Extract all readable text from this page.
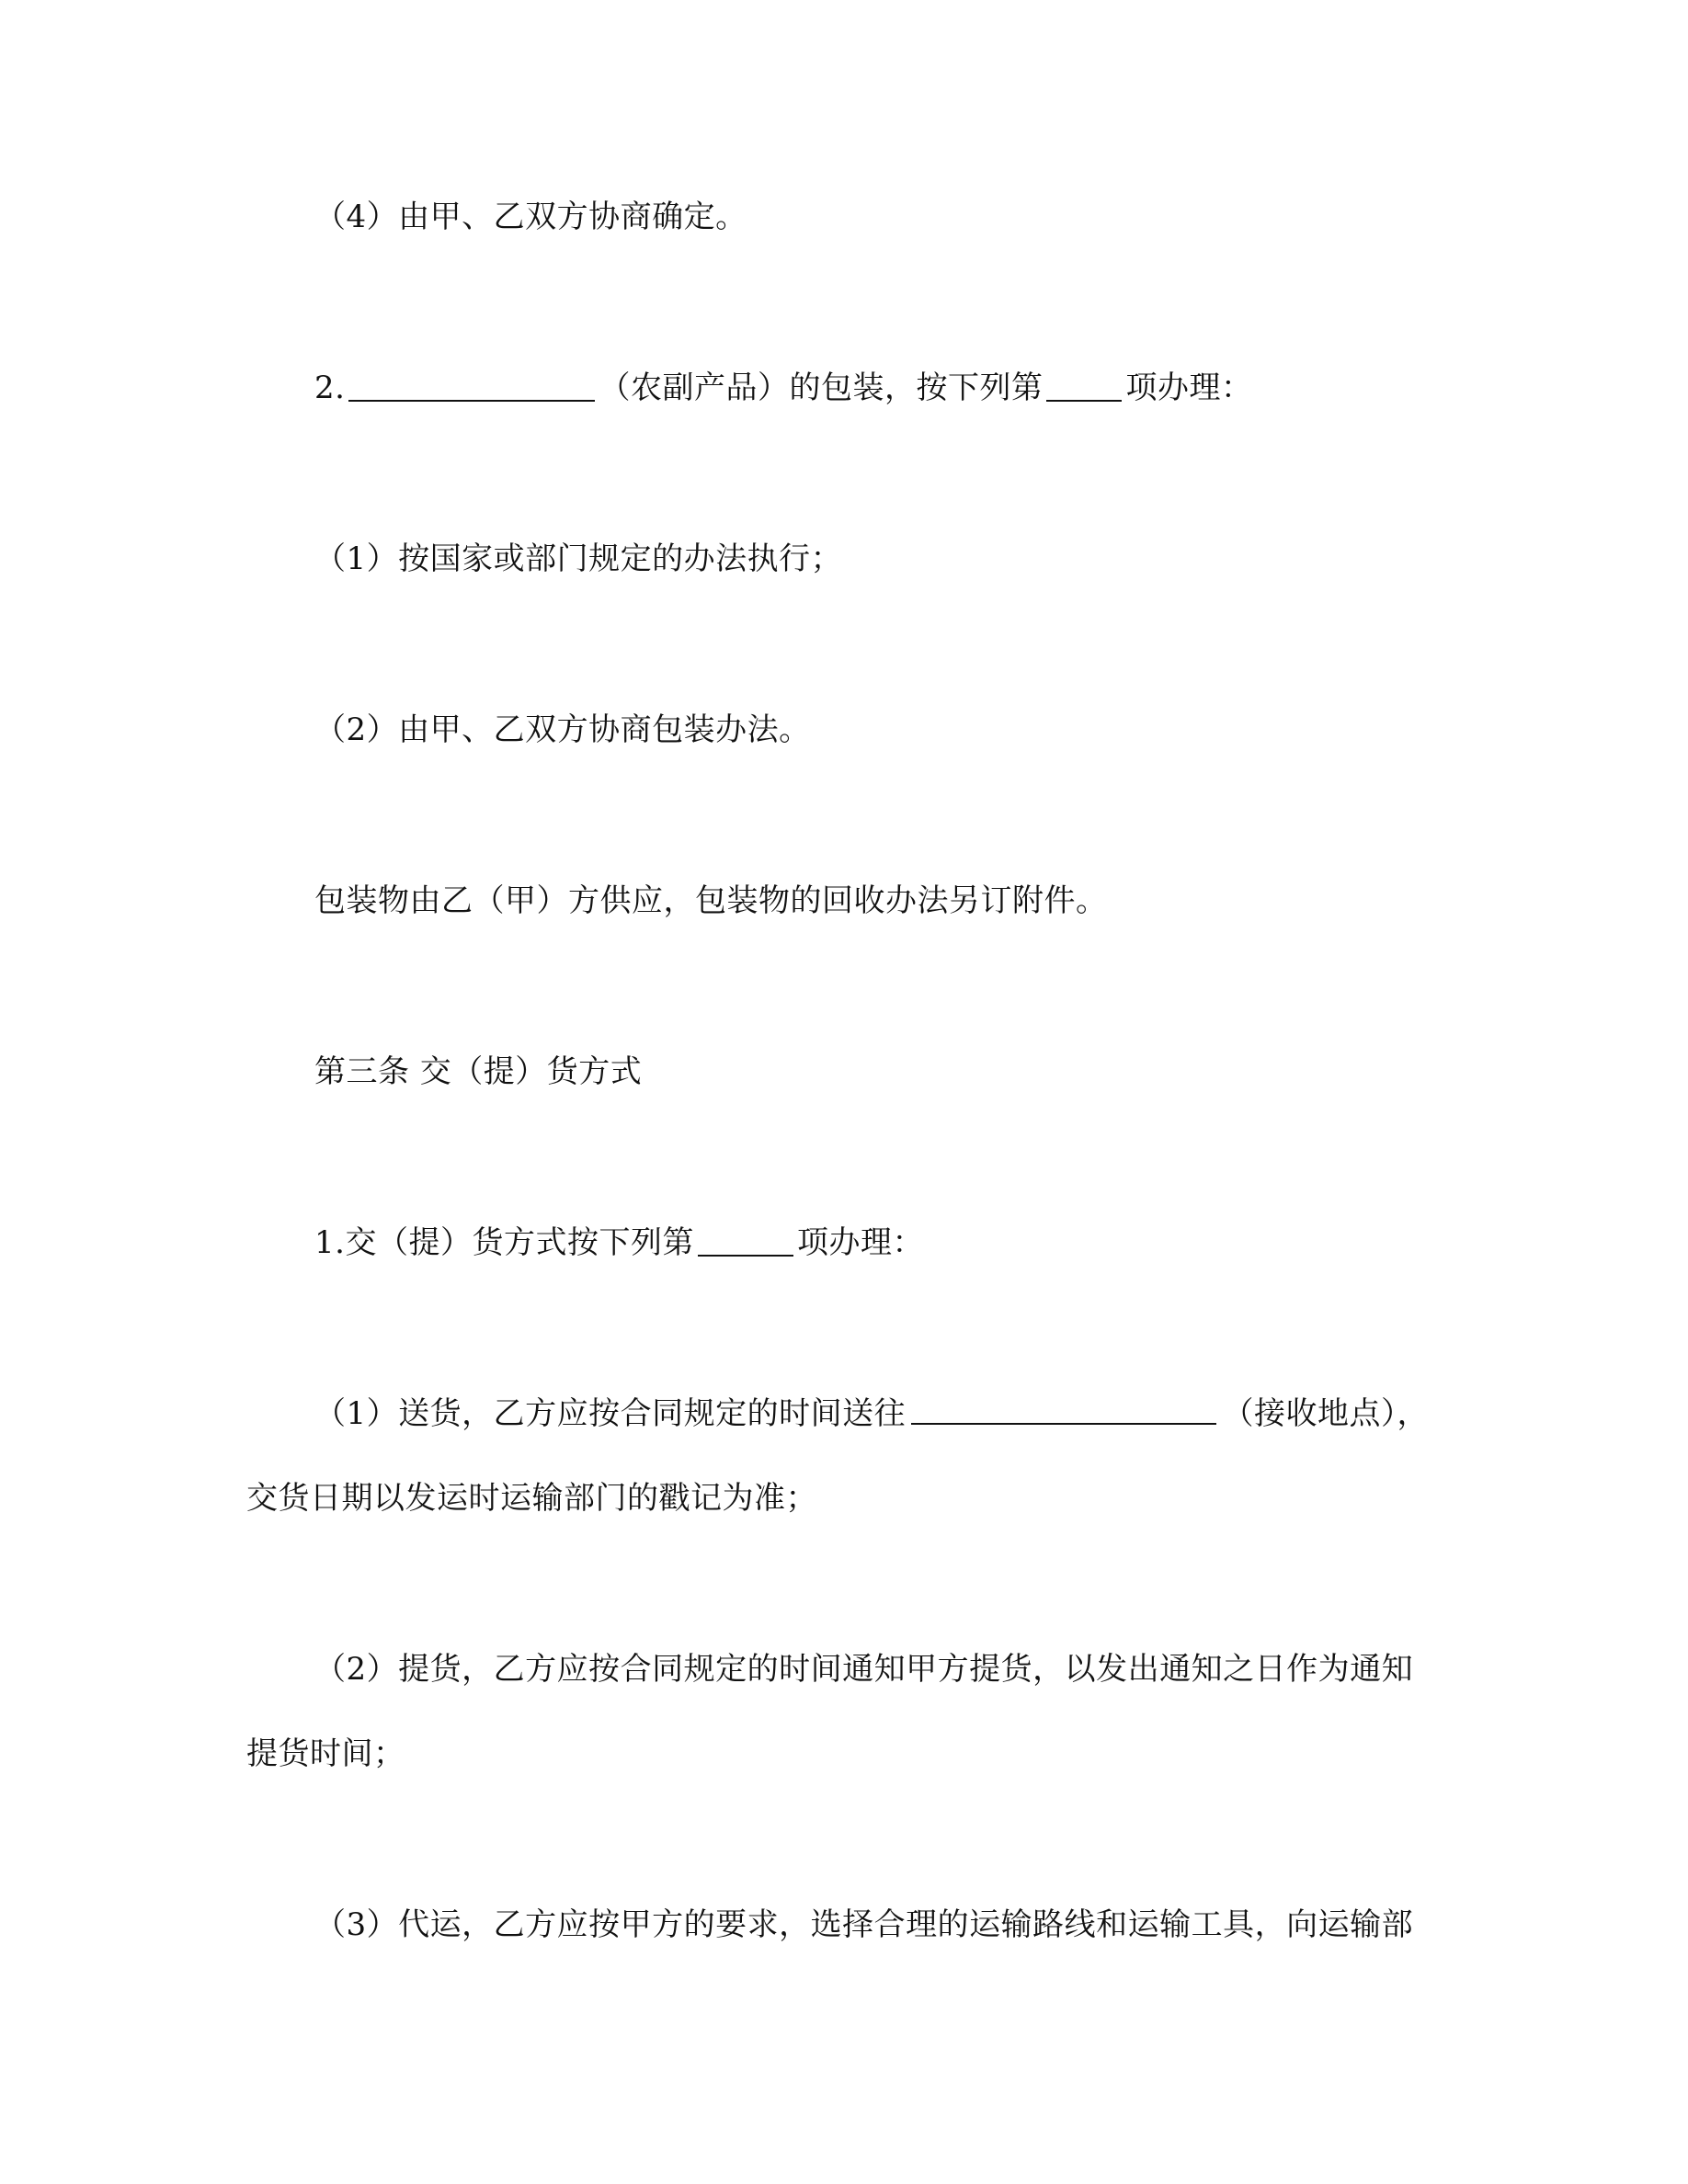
（4）由甲、乙双方协商确定。

2.	（农副产品）的包装，按下列第	项办理：

（1）按国家或部门规定的办法执行；

（2）由甲、乙双方协商包装办法。

包装物由乙（甲）方供应，包装物的回收办法另订附件。

第三条 交（提）货方式

1.交（提）货方式按下列第	项办理：

（1）送货，乙方应按合同规定的时间送往	（接收地点），

交货日期以发运时运输部门的戳记为准；

（2）提货，乙方应按合同规定的时间通知甲方提货，以发出通知之日作为通知

提货时间；

（3）代运，乙方应按甲方的要求，选择合理的运输路线和运输工具，向运输部
